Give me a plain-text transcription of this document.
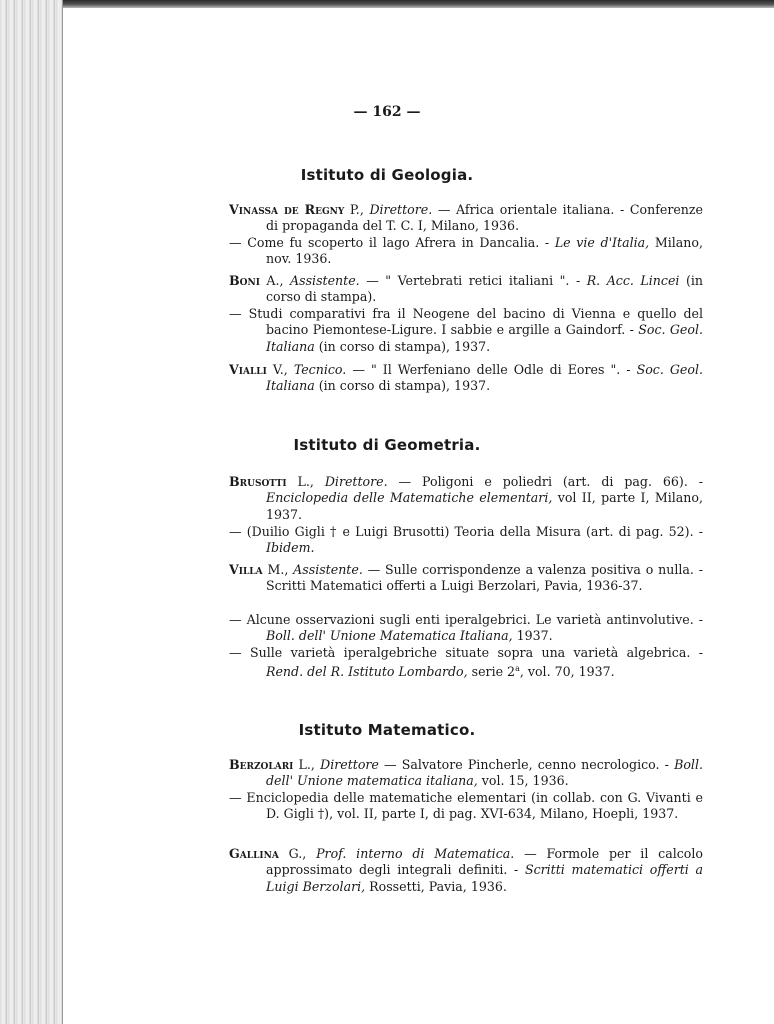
— 162 —
Istituto di Geologia.
Vinassa de Regny P., Direttore. — Africa orientale italiana. - Conferenze di propaganda del T. C. I, Milano, 1936.
— Come fu scoperto il lago Afrera in Dancalia. - Le vie d'Italia, Milano, nov. 1936.
Boni A., Assistente. — " Vertebrati retici italiani ". - R. Acc. Lincei (in corso di stampa).
— Studi comparativi fra il Neogene del bacino di Vienna e quello del bacino Piemontese-Ligure. I sabbie e argille a Gaindorf. - Soc. Geol. Italiana (in corso di stampa), 1937.
Vialli V., Tecnico. — " Il Werfeniano delle Odle di Eores ". - Soc. Geol. Italiana (in corso di stampa), 1937.
Istituto di Geometria.
Brusotti L., Direttore. — Poligoni e poliedri (art. di pag. 66). - Enciclopedia delle Matematiche elementari, vol II, parte I, Milano, 1937.
— (Duilio Gigli † e Luigi Brusotti) Teoria della Misura (art. di pag. 52). - Ibidem.
Villa M., Assistente. — Sulle corrispondenze a valenza positiva o nulla. - Scritti Matematici offerti a Luigi Berzolari, Pavia, 1936-37.
— Alcune osservazioni sugli enti iperalgebrici. Le varietà antinvolutive. - Boll. dell' Unione Matematica Italiana, 1937.
— Sulle varietà iperalgebriche situate sopra una varietà algebrica. - Rend. del R. Istituto Lombardo, serie 2$^a$, vol. 70, 1937.
Istituto Matematico.
Berzolari L., Direttore — Salvatore Pincherle, cenno necrologico. - Boll. dell' Unione matematica italiana, vol. 15, 1936.
— Enciclopedia delle matematiche elementari (in collab. con G. Vivanti e D. Gigli †), vol. II, parte I, di pag. XVI-634, Milano, Hoepli, 1937.
Gallina G., Prof. interno di Matematica. — Formole per il calcolo approssimato degli integrali definiti. - Scritti matematici offerti a Luigi Berzolari, Rossetti, Pavia, 1936.
